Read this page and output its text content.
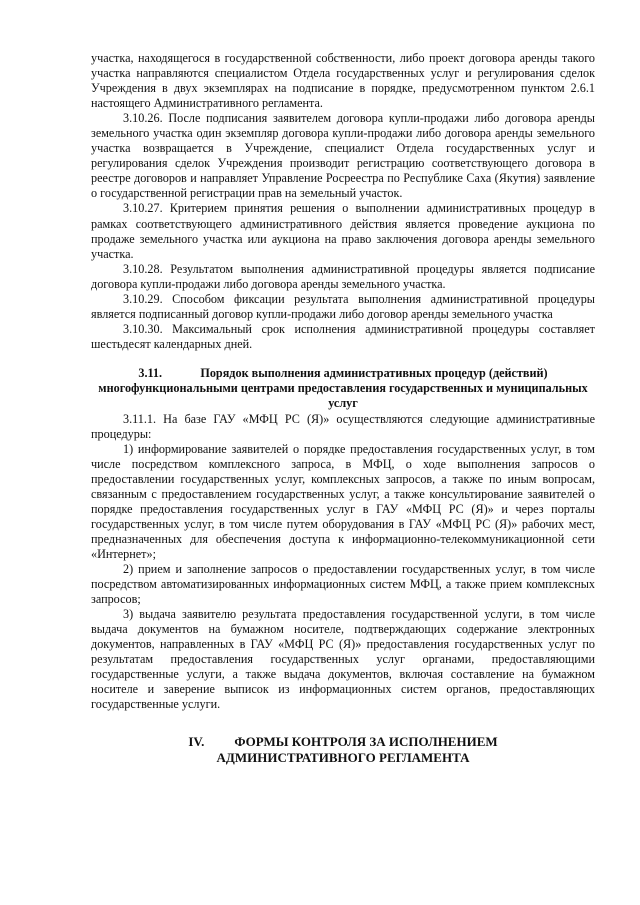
участка, находящегося в государственной собственности, либо проект договора аренды такого участка направляются специалистом Отдела государственных услуг и регулирования сделок Учреждения в двух экземплярах на подписание в порядке, предусмотренном пунктом 2.6.1 настоящего Административного регламента.

3.10.26. После подписания заявителем договора купли-продажи либо договора аренды земельного участка один экземпляр договора купли-продажи либо договора аренды земельного участка возвращается в Учреждение, специалист Отдела государственных услуг и регулирования сделок Учреждения производит регистрацию соответствующего договора в реестре договоров и направляет Управление Росреестра по Республике Саха (Якутия) заявление о государственной регистрации прав на земельный участок.

3.10.27. Критерием принятия решения о выполнении административных процедур в рамках соответствующего административного действия является проведение аукциона по продаже земельного участка или аукциона на право заключения договора аренды земельного участка.

3.10.28. Результатом выполнения административной процедуры является подписание договора купли-продажи либо договора аренды земельного участка.

3.10.29. Способом фиксации результата выполнения административной процедуры является подписанный договор купли-продажи либо договор аренды земельного участка

3.10.30. Максимальный срок исполнения административной процедуры составляет шестьдесят календарных дней.

3.11.	Порядок выполнения административных процедур (действий)
многофункциональными центрами предоставления государственных и муниципальных услуг

3.11.1. На базе ГАУ «МФЦ РС (Я)» осуществляются следующие административные процедуры:

1) информирование заявителей о порядке предоставления государственных услуг, в том числе посредством комплексного запроса, в МФЦ, о ходе выполнения запросов о предоставлении государственных услуг, комплексных запросов, а также по иным вопросам, связанным с предоставлением государственных услуг, а также консультирование заявителей о порядке предоставления государственных услуг в ГАУ «МФЦ РС (Я)» и через порталы государственных услуг, в том числе путем оборудования в ГАУ «МФЦ РС (Я)» рабочих мест, предназначенных для обеспечения доступа к информационно-телекоммуникационной сети «Интернет»;

2) прием и заполнение запросов о предоставлении государственных услуг, в том числе посредством автоматизированных информационных систем МФЦ, а также прием комплексных запросов;

3) выдача заявителю результата предоставления государственной услуги, в том числе выдача документов на бумажном носителе, подтверждающих содержание электронных документов, направленных в ГАУ «МФЦ РС (Я)» предоставления государственных услуг по результатам предоставления государственных услуг органами, предоставляющими государственные услуги, а также выдача документов, включая составление на бумажном носителе и заверение выписок из информационных систем органов, предоставляющих государственные услуги.

IV. ФОРМЫ КОНТРОЛЯ ЗА ИСПОЛНЕНИЕМ
АДМИНИСТРАТИВНОГО РЕГЛАМЕНТА
